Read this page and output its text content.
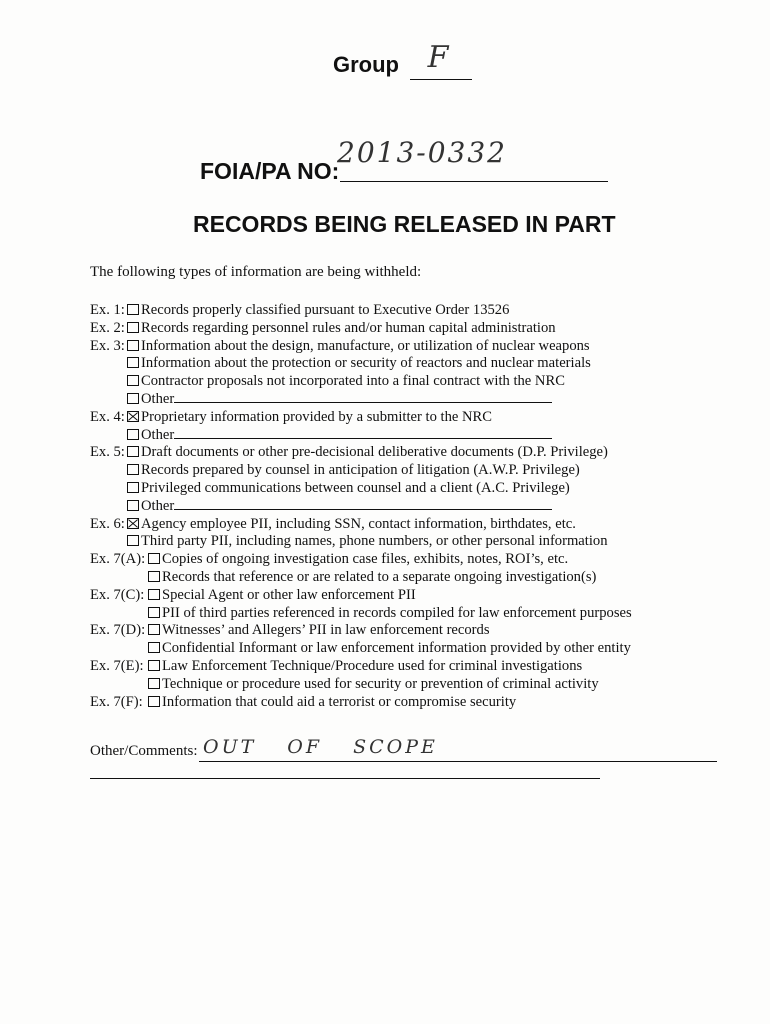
Group F
FOIA/PA NO:
2013-0332
RECORDS BEING RELEASED IN PART
The following types of information are being withheld:
Ex. 1:	Records properly classified pursuant to Executive Order 13526
Ex. 2:	Records regarding personnel rules and/or human capital administration
Ex. 3:	Information about the design, manufacture, or utilization of nuclear weapons
Information about the protection or security of reactors and nuclear materials
Contractor proposals not incorporated into a final contract with the NRC
Other
Ex. 4:	Proprietary information provided by a submitter to the NRC
Other
Ex. 5:	Draft documents or other pre-decisional deliberative documents (D.P. Privilege)
Records prepared by counsel in anticipation of litigation (A.W.P. Privilege)
Privileged communications between counsel and a client (A.C. Privilege)
Other
Ex. 6:	Agency employee PII, including SSN, contact information, birthdates, etc.
Third party PII, including names, phone numbers, or other personal information
Ex. 7(A):	Copies of ongoing investigation case files, exhibits, notes, ROI’s, etc.
Records that reference or are related to a separate ongoing investigation(s)
Ex. 7(C):	Special Agent or other law enforcement PII
PII of third parties referenced in records compiled for law enforcement purposes
Ex. 7(D):	Witnesses’ and Allegers’ PII in law enforcement records
Confidential Informant or law enforcement information provided by other entity
Ex. 7(E):	Law Enforcement Technique/Procedure used for criminal investigations
Technique or procedure used for security or prevention of criminal activity
Ex. 7(F):	Information that could aid a terrorist or compromise security
Other/Comments: OUT OF SCOPE
